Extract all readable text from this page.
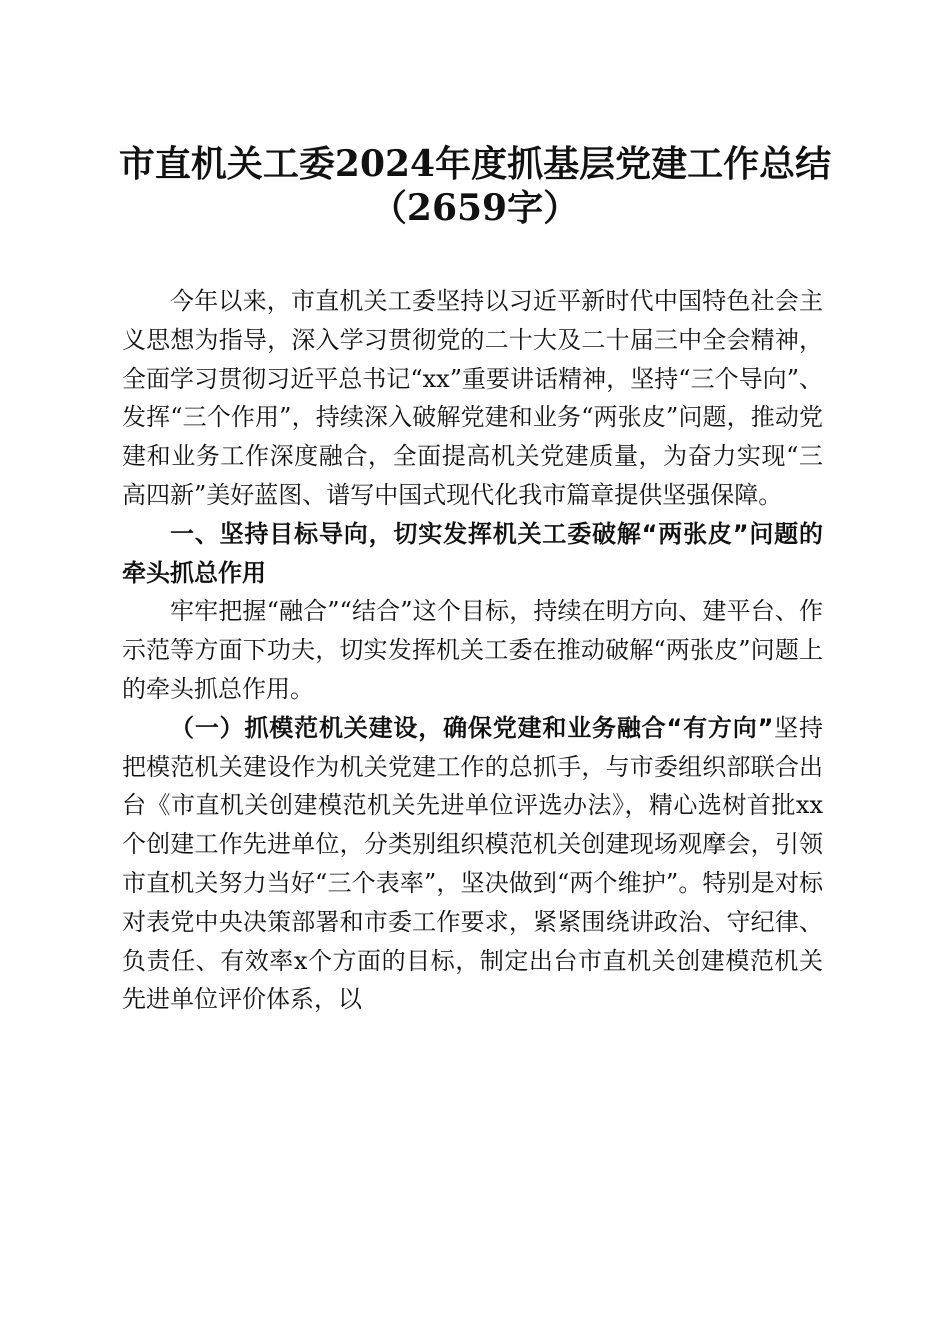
市直机关工委2024年度抓基层党建工作总结
（2659字）

今年以来，市直机关工委坚持以习近平新时代中国特色社会主义思想为指导，深入学习贯彻党的二十大及二十届三中全会精神，全面学习贯彻习近平总书记“xx”重要讲话精神，坚持“三个导向”、发挥“三个作用”，持续深入破解党建和业务“两张皮”问题，推动党建和业务工作深度融合，全面提高机关党建质量，为奋力实现“三高四新”美好蓝图、谱写中国式现代化我市篇章提供坚强保障。

一、坚持目标导向，切实发挥机关工委破解“两张皮”问题的牵头抓总作用

牢牢把握“融合”“结合”这个目标，持续在明方向、建平台、作示范等方面下功夫，切实发挥机关工委在推动破解“两张皮”问题上的牵头抓总作用。

（一）抓模范机关建设，确保党建和业务融合“有方向”坚持把模范机关建设作为机关党建工作的总抓手，与市委组织部联合出台《市直机关创建模范机关先进单位评选办法》，精心选树首批xx个创建工作先进单位，分类别组织模范机关创建现场观摩会，引领市直机关努力当好“三个表率”，坚决做到“两个维护”。特别是对标对表党中央决策部署和市委工作要求，紧紧围绕讲政治、守纪律、负责任、有效率x个方面的目标，制定出台市直机关创建模范机关先进单位评价体系，以
